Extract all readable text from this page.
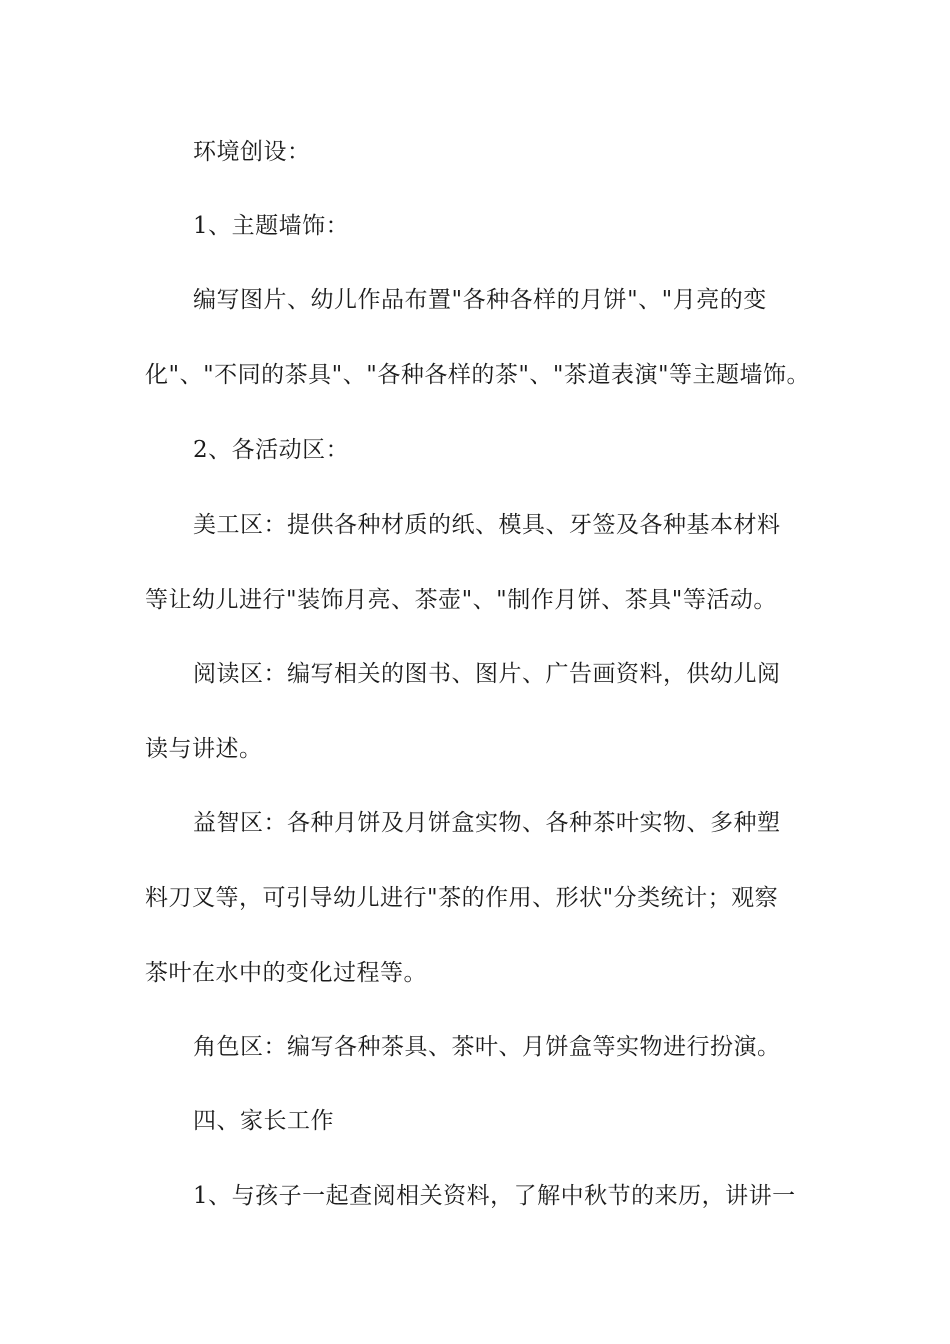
环境创设：
1、主题墙饰：
编写图片、幼儿作品布置"各种各样的月饼"、"月亮的变
化"、"不同的茶具"、"各种各样的茶"、"茶道表演"等主题墙饰。
2、各活动区：
美工区：提供各种材质的纸、模具、牙签及各种基本材料
等让幼儿进行"装饰月亮、茶壶"、"制作月饼、茶具"等活动。
阅读区：编写相关的图书、图片、广告画资料，供幼儿阅
读与讲述。
益智区：各种月饼及月饼盒实物、各种茶叶实物、多种塑
料刀叉等，可引导幼儿进行"茶的作用、形状"分类统计；观察
茶叶在水中的变化过程等。
角色区：编写各种茶具、茶叶、月饼盒等实物进行扮演。
四、家长工作
1、与孩子一起查阅相关资料，了解中秋节的来历，讲讲一
